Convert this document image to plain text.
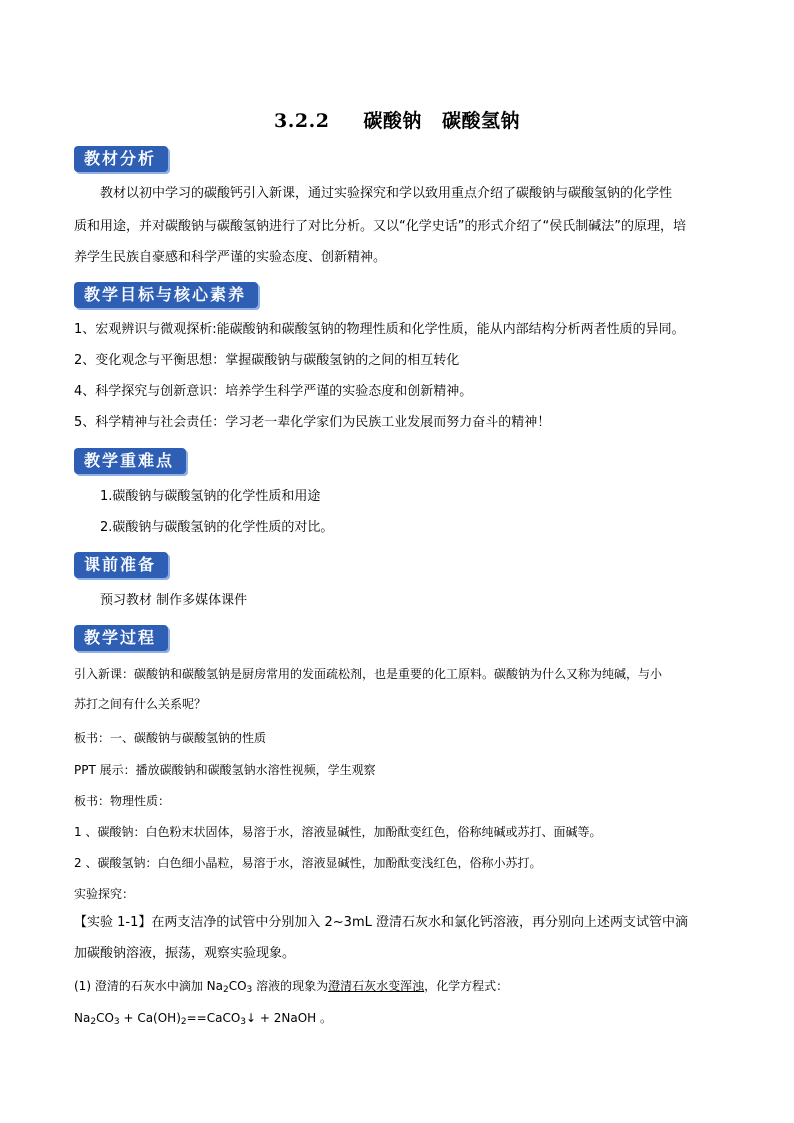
3.2.2 碳酸钠 碳酸氢钠
教材分析
教材以初中学习的碳酸钙引入新课，通过实验探究和学以致用重点介绍了碳酸钠与碳酸氢钠的化学性
质和用途，并对碳酸钠与碳酸氢钠进行了对比分析。又以“化学史话”的形式介绍了“侯氏制碱法”的原理，培
养学生民族自豪感和科学严谨的实验态度、创新精神。
教学目标与核心素养
1、宏观辨识与微观探析:能碳酸钠和碳酸氢钠的物理性质和化学性质，能从内部结构分析两者性质的异同。
2、变化观念与平衡思想：掌握碳酸钠与碳酸氢钠的之间的相互转化
4、科学探究与创新意识：培养学生科学严谨的实验态度和创新精神。
5、科学精神与社会责任：学习老一辈化学家们为民族工业发展而努力奋斗的精神！
教学重难点
1.碳酸钠与碳酸氢钠的化学性质和用途
2.碳酸钠与碳酸氢钠的化学性质的对比。
课前准备
预习教材 制作多媒体课件
教学过程
引入新课：碳酸钠和碳酸氢钠是厨房常用的发面疏松剂，也是重要的化工原料。碳酸钠为什么又称为纯碱，与小
苏打之间有什么关系呢？
板书：一、碳酸钠与碳酸氢钠的性质
PPT 展示：播放碳酸钠和碳酸氢钠水溶性视频，学生观察
板书：物理性质：
1 、碳酸钠：白色粉末状固体，易溶于水，溶液显碱性，加酚酞变红色，俗称纯碱或苏打、面碱等。
2 、碳酸氢钠：白色细小晶粒，易溶于水，溶液显碱性，加酚酞变浅红色，俗称小苏打。
实验探究：
【实验 1-1】在两支洁净的试管中分别加入 2~3mL 澄清石灰水和氯化钙溶液，再分别向上述两支试管中滴
加碳酸钠溶液，振荡，观察实验现象。
(1) 澄清的石灰水中滴加 $Na_2CO_3$ 溶液的现象为澄清石灰水变浑浊，化学方程式：
$Na_2CO_3$ + $Ca(OH)_2==CaCO_3↓$ + 2NaOH 。
